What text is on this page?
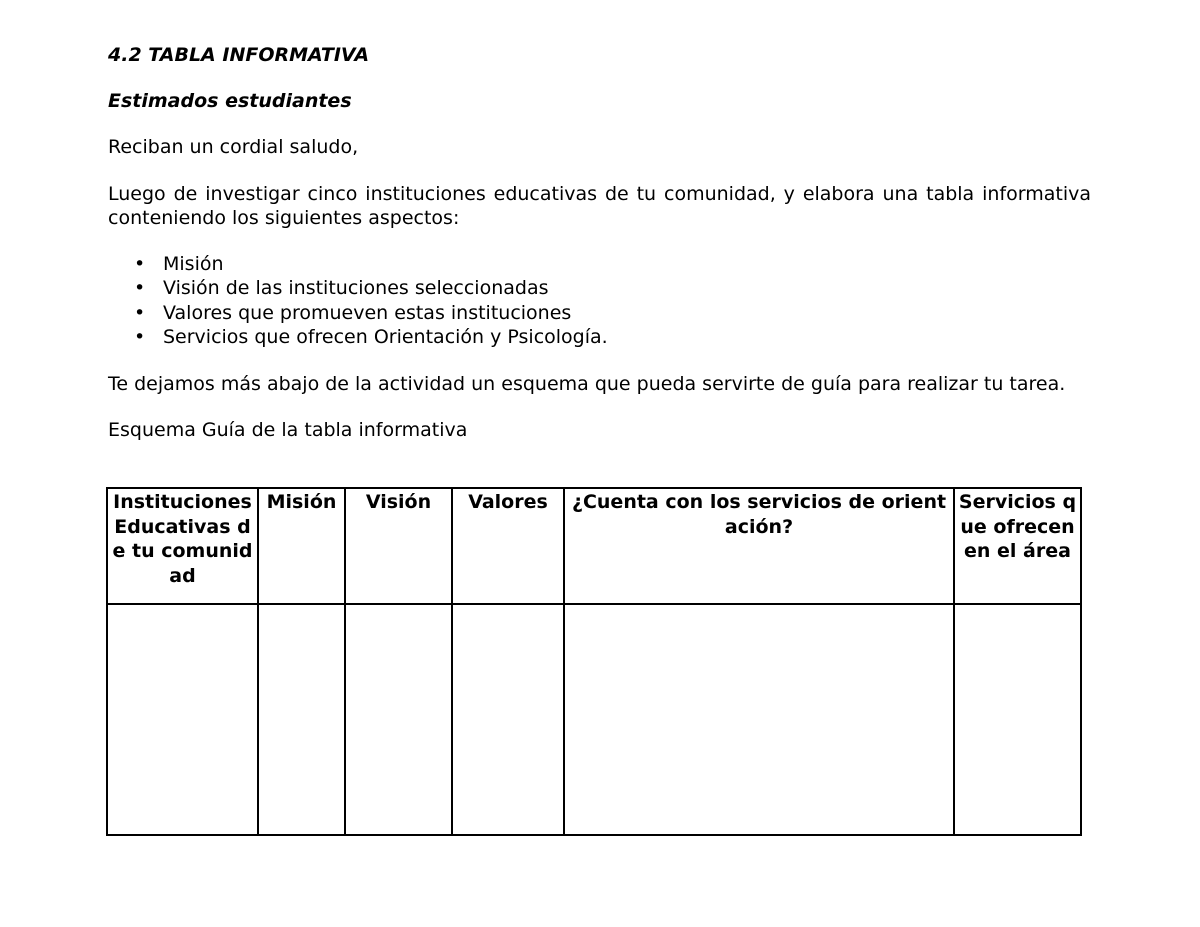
4.2 TABLA INFORMATIVA
Estimados estudiantes

Reciban un cordial saludo,

Luego de investigar cinco instituciones educativas de tu comunidad, y elabora una tabla informativa conteniendo los siguientes aspectos:

• Misión
• Visión de las instituciones seleccionadas
• Valores que promueven estas instituciones
• Servicios que ofrecen Orientación y Psicología.

Te dejamos más abajo de la actividad un esquema que pueda servirte de guía para realizar tu tarea.

Esquema Guía de la tabla informativa

Instituciones Educativas de tu comunidad	Misión	Visión	Valores	¿Cuenta con los servicios de orientación?	Servicios que ofrecen en el área
